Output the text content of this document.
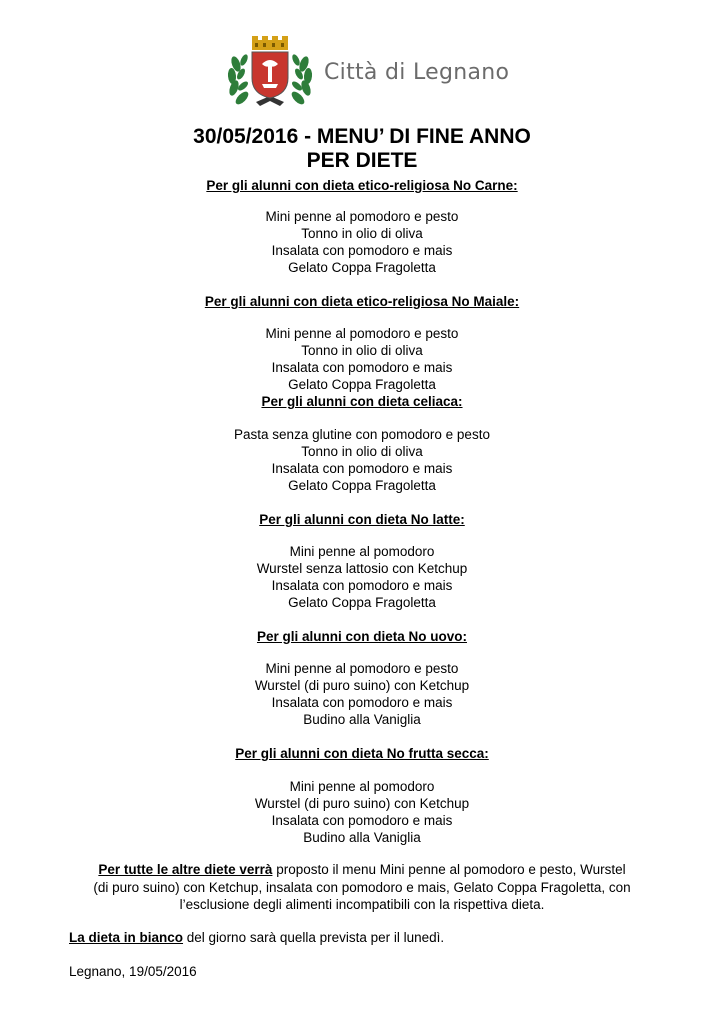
Città di Legnano
30/05/2016 - MENU’ DI FINE ANNO
PER DIETE
Per gli alunni con dieta etico-religiosa No Carne:
Mini penne al pomodoro e pesto
Tonno in olio di oliva
Insalata con pomodoro e mais
Gelato Coppa Fragoletta
Per gli alunni con dieta etico-religiosa No Maiale:
Mini penne al pomodoro e pesto
Tonno in olio di oliva
Insalata con pomodoro e mais
Gelato Coppa Fragoletta
Per gli alunni con dieta celiaca:
Pasta senza glutine con pomodoro e pesto
Tonno in olio di oliva
Insalata con pomodoro e mais
Gelato Coppa Fragoletta
Per gli alunni con dieta No latte:
Mini penne al pomodoro
Wurstel senza lattosio con Ketchup
Insalata con pomodoro e mais
Gelato Coppa Fragoletta
Per gli alunni con dieta No uovo:
Mini penne al pomodoro e pesto
Wurstel (di puro suino) con Ketchup
Insalata con pomodoro e mais
Budino alla Vaniglia
Per gli alunni con dieta No frutta secca:
Mini penne al pomodoro
Wurstel (di puro suino) con Ketchup
Insalata con pomodoro e mais
Budino alla Vaniglia
Per tutte le altre diete verrà proposto il menu Mini penne al pomodoro e pesto, Wurstel
(di puro suino) con Ketchup, insalata con pomodoro e mais, Gelato Coppa Fragoletta, con
l’esclusione degli alimenti incompatibili con la rispettiva dieta.
La dieta in bianco del giorno sarà quella prevista per il lunedì.
Legnano, 19/05/2016
